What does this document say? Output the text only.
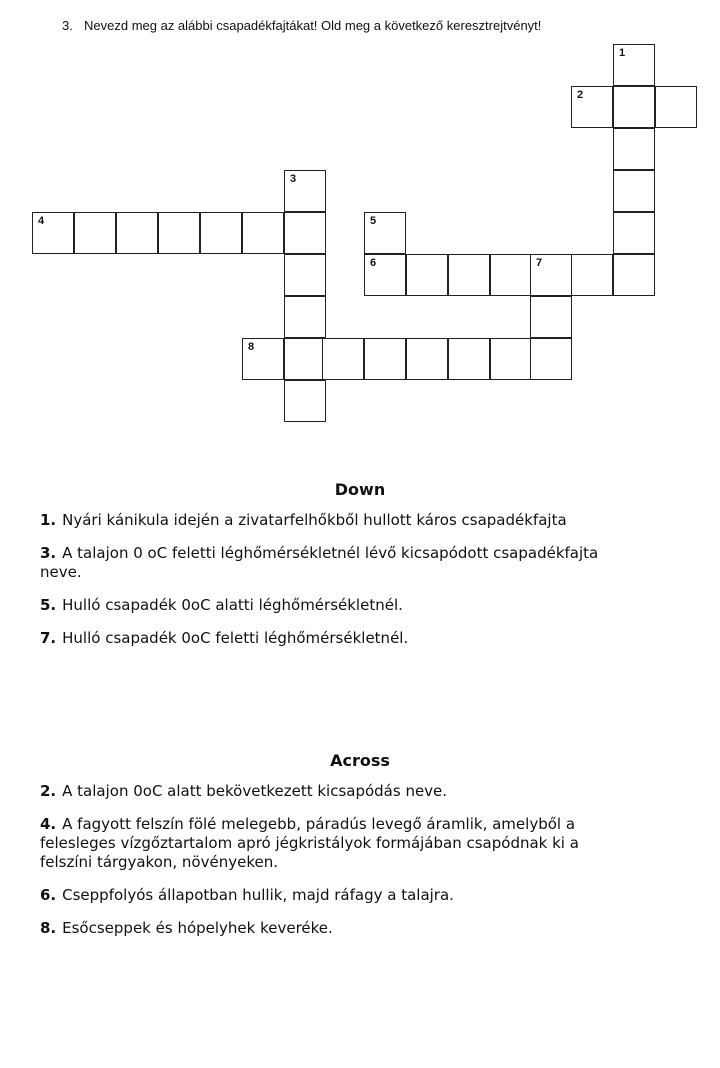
3. Nevezd meg az alábbi csapadékfajtákat! Old meg a következő keresztrejtvényt!
1
2
4
3
5
6	7
8
Down
1. Nyári kánikula idején a zivatarfelhőkből hullott káros csapadékfajta
3. A talajon 0 oC feletti léghőmérsékletnél lévő kicsapódott csapadékfajta neve.
5. Hulló csapadék 0oC alatti léghőmérsékletnél.
7. Hulló csapadék 0oC feletti léghőmérsékletnél.
Across
2. A talajon 0oC alatt bekövetkezett kicsapódás neve.
4. A fagyott felszín fölé melegebb, páradús levegő áramlik, amelyből a felesleges vízgőztartalom apró jégkristályok formájában csapódnak ki a felszíni tárgyakon, növényeken.
6. Cseppfolyós állapotban hullik, majd ráfagy a talajra.
8. Esőcseppek és hópelyhek keveréke.
